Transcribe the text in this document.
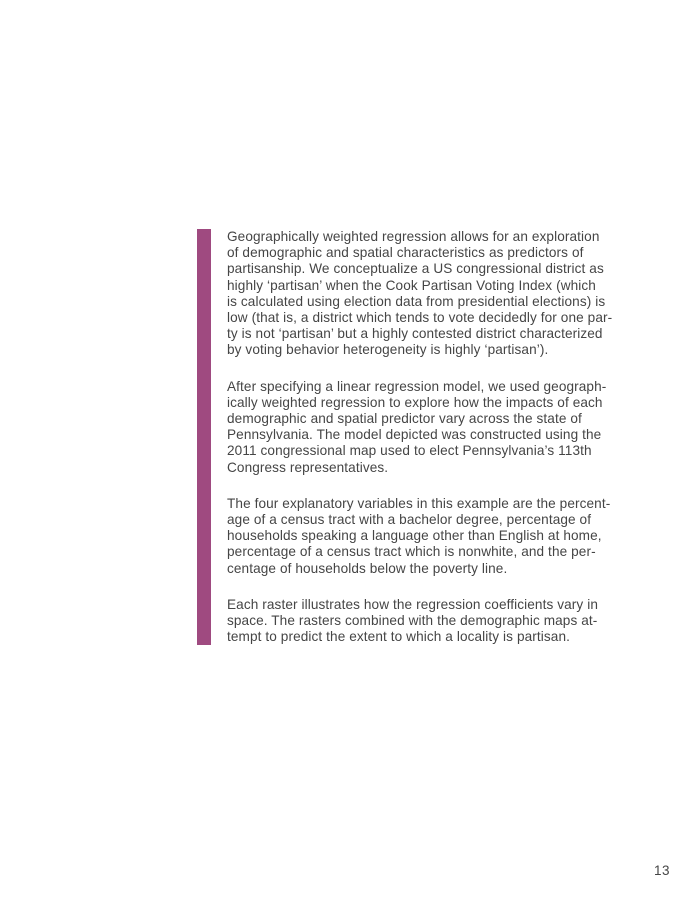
Geographically weighted regression allows for an exploration
of demographic and spatial characteristics as predictors of
partisanship. We conceptualize a US congressional district as
highly ‘partisan’ when the Cook Partisan Voting Index (which
is calculated using election data from presidential elections) is
low (that is, a district which tends to vote decidedly for one par-
ty is not ‘partisan’ but a highly contested district characterized
by voting behavior heterogeneity is highly ‘partisan’).
After specifying a linear regression model, we used geograph-
ically weighted regression to explore how the impacts of each
demographic and spatial predictor vary across the state of
Pennsylvania. The model depicted was constructed using the
2011 congressional map used to elect Pennsylvania’s 113th
Congress representatives.
The four explanatory variables in this example are the percent-
age of a census tract with a bachelor degree, percentage of
households speaking a language other than English at home,
percentage of a census tract which is nonwhite, and the per-
centage of households below the poverty line.
Each raster illustrates how the regression coefficients vary in
space. The rasters combined with the demographic maps at-
tempt to predict the extent to which a locality is partisan.
13
